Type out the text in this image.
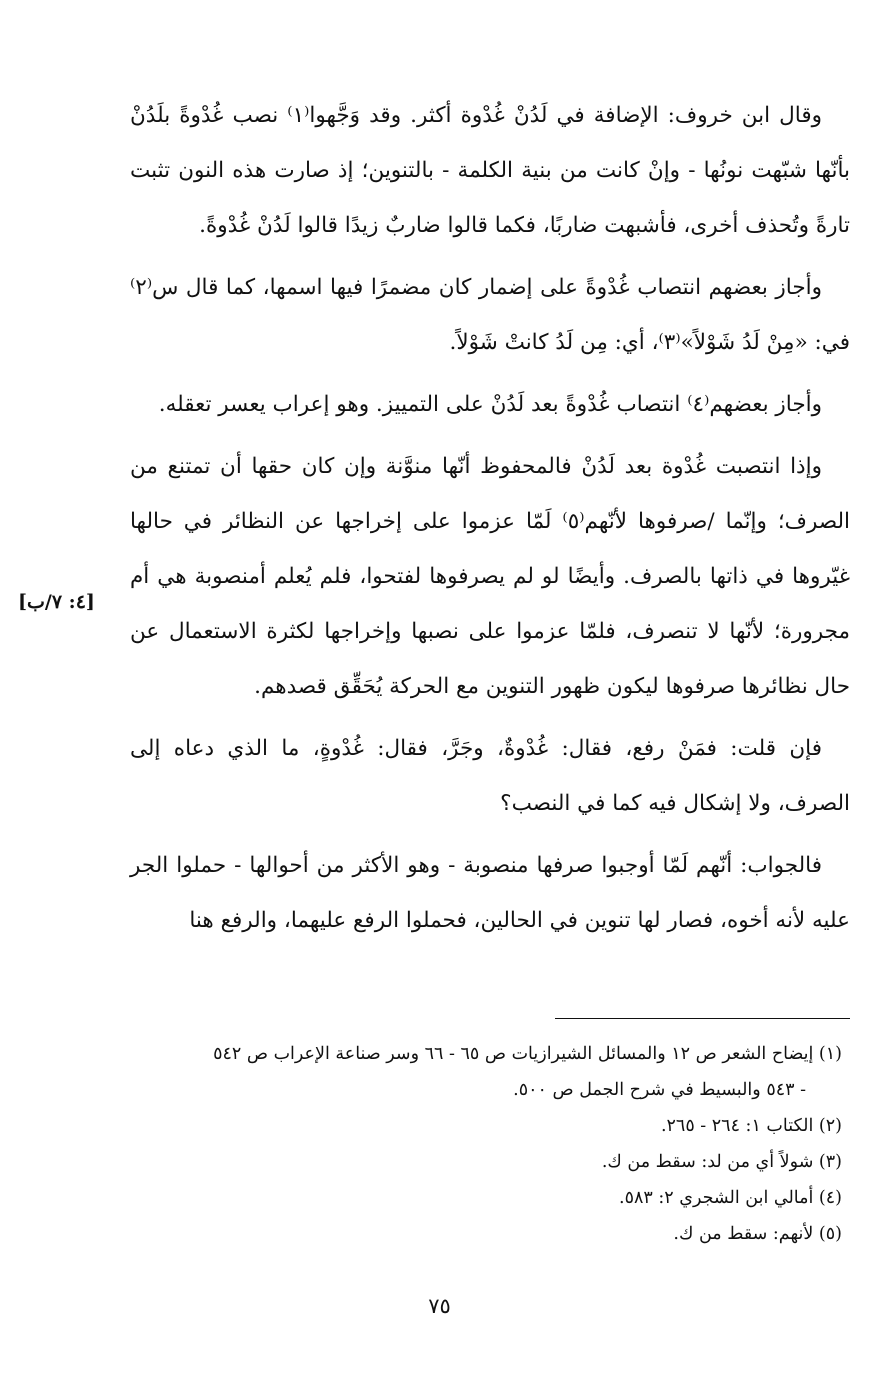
وقال ابن خروف: الإضافة في لَدُنْ غُدْوة أكثر. وقد وَجَّهوا⁽١⁾ نصب غُدْوةً بلَدُنْ بأنّها شبّهت نونُها - وإنْ كانت من بنية الكلمة - بالتنوين؛ إذ صارت هذه النون تثبت تارةً وتُحذف أخرى، فأشبهت ضاربًا، فكما قالوا ضاربٌ زيدًا قالوا لَدُنْ غُدْوةً.

وأجاز بعضهم انتصاب غُدْوةً على إضمار كان مضمرًا فيها اسمها، كما قال س⁽٢⁾ في: «مِنْ لَدُ شَوْلاً»⁽٣⁾، أي: مِن لَدُ كانتْ شَوْلاً.

وأجاز بعضهم⁽٤⁾ انتصاب غُدْوةً بعد لَدُنْ على التمييز. وهو إعراب يعسر تعقله.

وإذا انتصبت غُدْوة بعد لَدُنْ فالمحفوظ أنّها منوَّنة وإن كان حقها أن تمتنع من الصرف؛ وإنّما /صرفوها لأنّهم⁽٥⁾ لَمّا عزموا على إخراجها عن النظائر في حالها غيّروها في ذاتها بالصرف. وأيضًا لو لم يصرفوها لفتحوا، فلم يُعلم أمنصوبة هي أم مجرورة؛ لأنّها لا تنصرف، فلمّا عزموا على نصبها وإخراجها لكثرة الاستعمال عن حال نظائرها صرفوها ليكون ظهور التنوين مع الحركة يُحَقِّق قصدهم.

فإن قلت: فمَنْ رفع، فقال: غُدْوةٌ، وجَرَّ، فقال: غُدْوةٍ، ما الذي دعاه إلى الصرف، ولا إشكال فيه كما في النصب؟

فالجواب: أنّهم لَمّا أوجبوا صرفها منصوبة - وهو الأكثر من أحوالها - حملوا الجر عليه لأنه أخوه، فصار لها تنوين في الحالين، فحملوا الرفع عليهما، والرفع هنا

[٤: ٧/ب]

(١) إيضاح الشعر ص ١٢ والمسائل الشيرازيات ص ٦٥ - ٦٦ وسر صناعة الإعراب ص ٥٤٢

- ٥٤٣ والبسيط في شرح الجمل ص ٥٠٠.

(٢) الكتاب ١: ٢٦٤ - ٢٦٥.

(٣) شولاً أي من لد: سقط من ك.

(٤) أمالي ابن الشجري ٢: ٥٨٣.

(٥) لأنهم: سقط من ك.

٧٥
